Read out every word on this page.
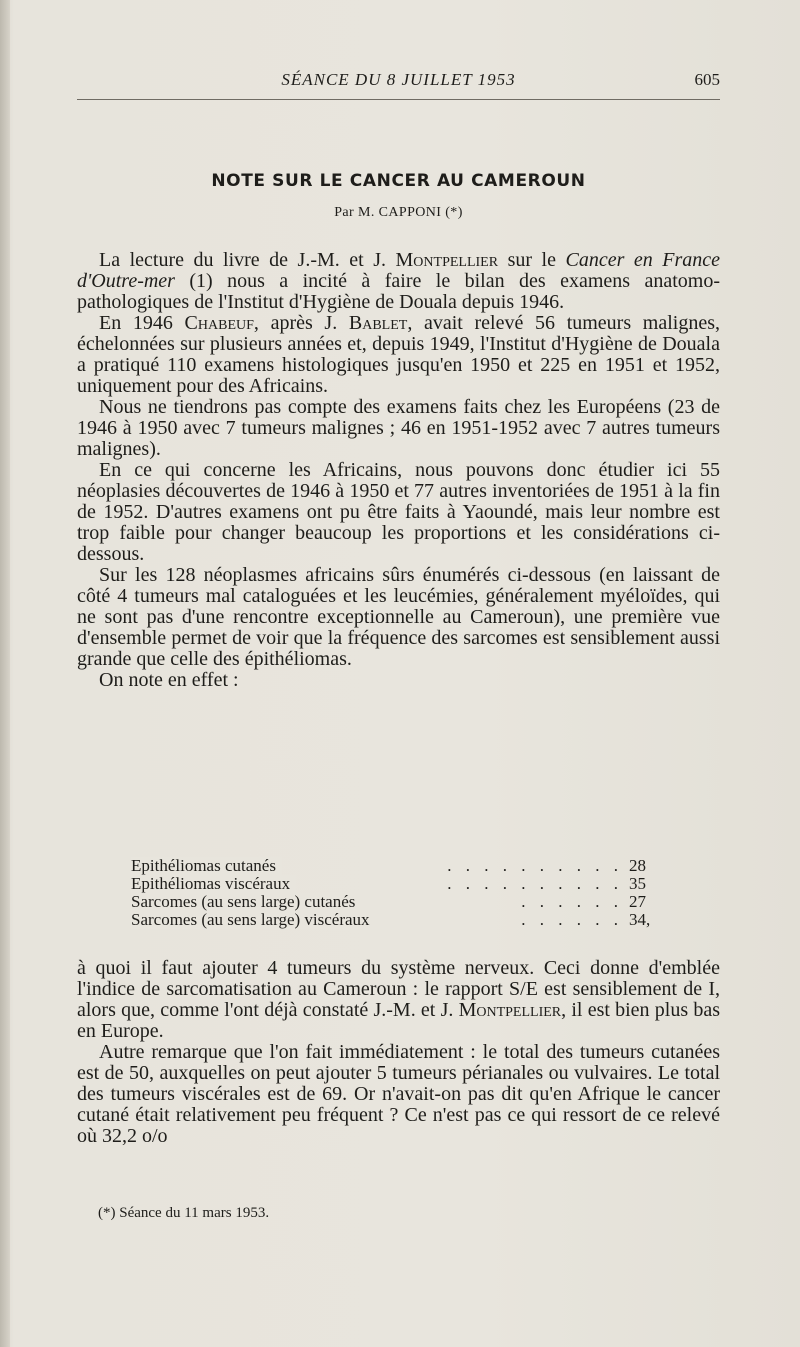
SÉANCE DU 8 JUILLET 1953	605
NOTE SUR LE CANCER AU CAMEROUN
Par M. CAPPONI (*)

La lecture du livre de J.-M. et J. Montpellier sur le Cancer en France d'Outre-mer (1) nous a incité à faire le bilan des examens anatomo-pathologiques de l'Institut d'Hygiène de Douala depuis 1946.

En 1946 Chabeuf, après J. Bablet, avait relevé 56 tumeurs malignes, échelonnées sur plusieurs années et, depuis 1949, l'Institut d'Hygiène de Douala a pratiqué 110 examens histologiques jusqu'en 1950 et 225 en 1951 et 1952, uniquement pour des Africains.

Nous ne tiendrons pas compte des examens faits chez les Européens (23 de 1946 à 1950 avec 7 tumeurs malignes ; 46 en 1951-1952 avec 7 autres tumeurs malignes).

En ce qui concerne les Africains, nous pouvons donc étudier ici 55 néoplasies découvertes de 1946 à 1950 et 77 autres inventoriées de 1951 à la fin de 1952. D'autres examens ont pu être faits à Yaoundé, mais leur nombre est trop faible pour changer beaucoup les proportions et les considérations ci-dessous.

Sur les 128 néoplasmes africains sûrs énumérés ci-dessous (en laissant de côté 4 tumeurs mal cataloguées et les leucémies, généralement myéloïdes, qui ne sont pas d'une rencontre exceptionnelle au Cameroun), une première vue d'ensemble permet de voir que la fréquence des sarcomes est sensiblement aussi grande que celle des épithéliomas.

On note en effet :

. . . . . . . . . .
Epithéliomas cutanés	28
. . . . . . . . . .
Epithéliomas viscéraux	35
. . . . . .
Sarcomes (au sens large) cutanés	27
. . . . . .
Sarcomes (au sens large) viscéraux	34,

à quoi il faut ajouter 4 tumeurs du système nerveux. Ceci donne d'emblée l'indice de sarcomatisation au Cameroun : le rapport S/E est sensiblement de I, alors que, comme l'ont déjà constaté J.-M. et J. Montpellier, il est bien plus bas en Europe.

Autre remarque que l'on fait immédiatement : le total des tumeurs cutanées est de 50, auxquelles on peut ajouter 5 tumeurs périanales ou vulvaires. Le total des tumeurs viscérales est de 69. Or n'avait-on pas dit qu'en Afrique le cancer cutané était relativement peu fréquent ? Ce n'est pas ce qui ressort de ce relevé où 32,2 o/o

(*) Séance du 11 mars 1953.
